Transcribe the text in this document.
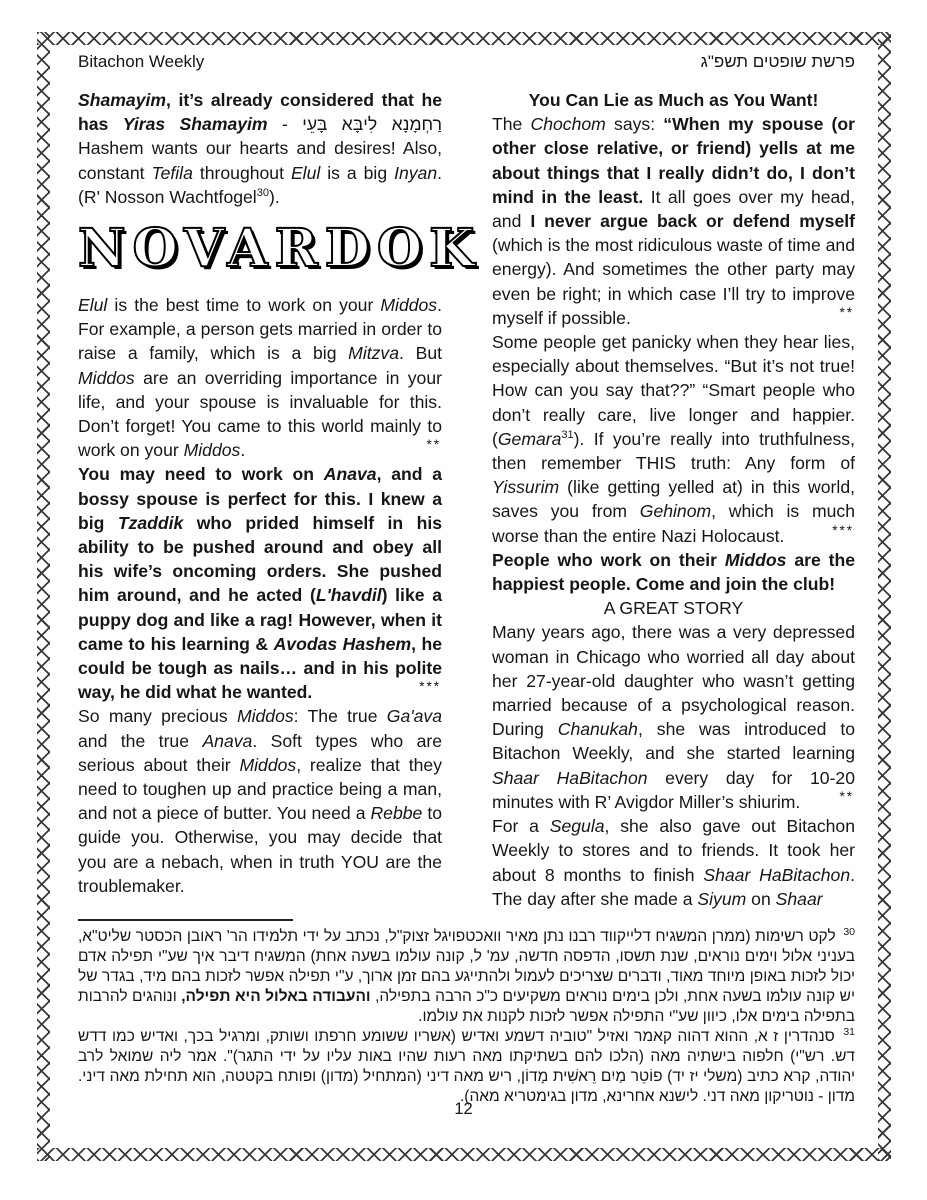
Bitachon Weekly	פרשת שופטים תשפ"ג

Shamayim, it’s already considered that he has Yiras Shamayim - רַחְמָנָא לִיבָּא בָּעֵי Hashem wants our hearts and desires! Also, constant Tefila throughout Elul is a big Inyan. (R' Nosson Wachtfogel$^{30}$).

NOVARDOK

Elul is the best time to work on your Middos. For example, a person gets married in order to raise a family, which is a big Mitzva. But Middos are an overriding importance in your life, and your spouse is invaluable for this. Don’t forget! You came to this world mainly to work on your Middos.	**

You may need to work on Anava, and a bossy spouse is perfect for this. I knew a big Tzaddik who prided himself in his ability to be pushed around and obey all his wife’s oncoming orders. She pushed him around, and he acted (L'havdil) like a puppy dog and like a rag! However, when it came to his learning & Avodas Hashem, he could be tough as nails… and in his polite way, he did what he wanted.	***

So many precious Middos: The true Ga'ava and the true Anava. Soft types who are serious about their Middos, realize that they need to toughen up and practice being a man, and not a piece of butter. You need a Rebbe to guide you. Otherwise, you may decide that you are a nebach, when in truth YOU are the troublemaker.

You Can Lie as Much as You Want!

The Chochom says: “When my spouse (or other close relative, or friend) yells at me about things that I really didn’t do, I don’t mind in the least. It all goes over my head, and I never argue back or defend myself (which is the most ridiculous waste of time and energy). And sometimes the other party may even be right; in which case I’ll try to improve myself if possible.	**

Some people get panicky when they hear lies, especially about themselves. “But it’s not true! How can you say that??” “Smart people who don’t really care, live longer and happier. (Gemara$^{31}$). If you’re really into truthfulness, then remember THIS truth: Any form of Yissurim (like getting yelled at) in this world, saves you from Gehinom, which is much worse than the entire Nazi Holocaust.	***

People who work on their Middos are the happiest people. Come and join the club!

A GREAT STORY

Many years ago, there was a very depressed woman in Chicago who worried all day about her 27-year-old daughter who wasn’t getting married because of a psychological reason. During Chanukah, she was introduced to Bitachon Weekly, and she started learning Shaar HaBitachon every day for 10-20 minutes with R’ Avigdor Miller’s shiurim.	**

For a Segula, she also gave out Bitachon Weekly to stores and to friends. It took her about 8 months to finish Shaar HaBitachon. The day after she made a Siyum on Shaar

$^{30}$ לקט רשימות (ממרן המשגיח דלייקווד רבנו נתן מאיר וואכטפויגל זצוק"ל, נכתב על ידי תלמידו הר' ראובן הכסטר שליט"א, בעניני אלול וימים נוראים, שנת תשסו, הדפסה חדשה, עמ' ל, קונה עולמו בשעה אחת) המשגיח דיבר איך שע"י תפילה אדם יכול לזכות באופן מיוחד מאוד, ודברים שצריכים לעמול ולהתייגע בהם זמן ארוך, ע"י תפילה אפשר לזכות בהם מיד, בגדר של יש קונה עולמו בשעה אחת, ולכן בימים נוראים משקיעים כ"כ הרבה בתפילה, והעבודה באלול היא תפילה, ונוהגים להרבות בתפילה בימים אלו, כיוון שע"י התפילה אפשר לזכות לקנות את עולמו.

$^{31}$ סנהדרין ז א, ההוא דהוה קאמר ואזיל "טוביה דשמע ואדיש (אשריו ששומע חרפתו ושותק, ומרגיל בכך, ואדיש כמו דדש דש. רש"י) חלפוה בישתיה מאה (הלכו להם בשתיקתו מאה רעות שהיו באות עליו על ידי התגר)". אמר ליה שמואל לרב יהודה, קרא כתיב (משלי יז יד) פוֹטֵר מַיִם רֵאשִׁית מָדוֹן, ריש מאה דיני (המתחיל (מדון) ופותח בקטטה, הוא תחילת מאה דיני. מדון - נוטריקון מאה דני. לישנא אחרינא, מדון בגימטריא מאה).

12
